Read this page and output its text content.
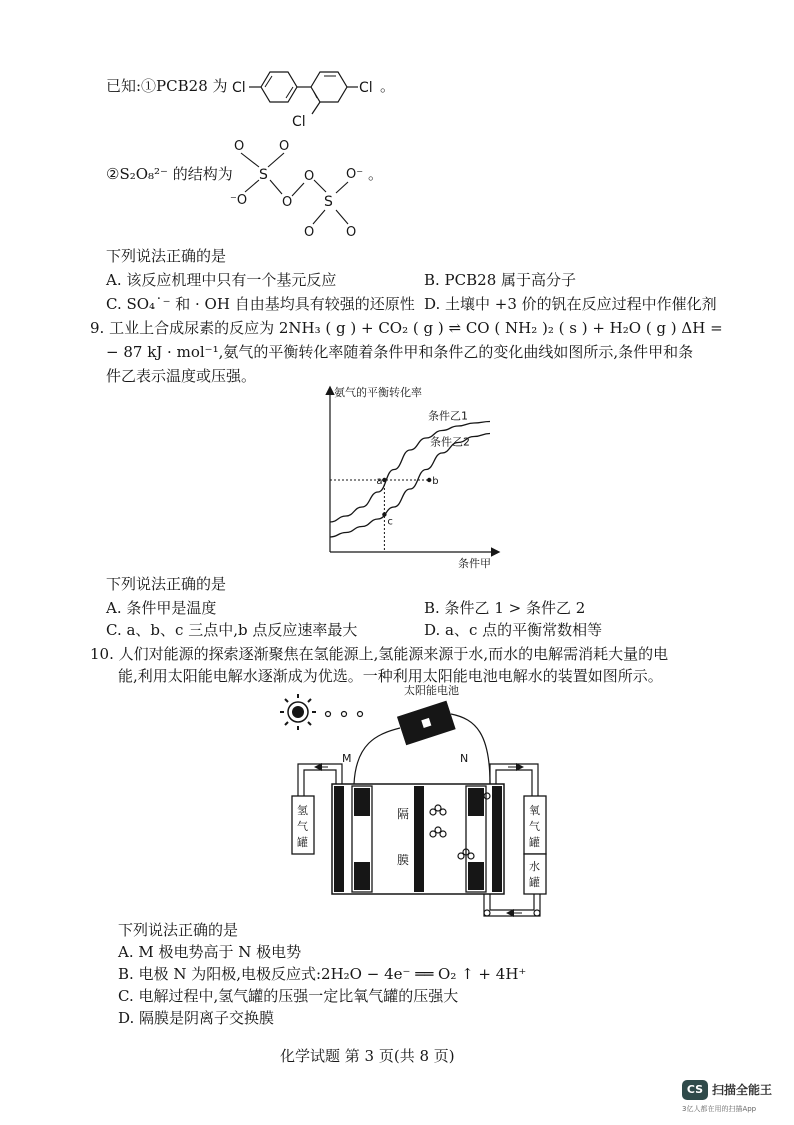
已知:①PCB28 为 Cl	Cl
Cl
。
②S₂O₈²⁻ 的结构为
O	O
S
⁻O	O
O
S
O⁻
O O
。
下列说法正确的是
A. 该反应机理中只有一个基元反应	B. PCB28 属于高分子
C. SO₄˙⁻ 和 · OH 自由基均具有较强的还原性 D. 土壤中 +3 价的钒在反应过程中作催化剂
9. 工业上合成尿素的反应为 2NH₃ ( g ) + CO₂ ( g ) ⇌ CO ( NH₂ )₂ ( s ) + H₂O ( g ) ΔH =
− 87 kJ · mol⁻¹,氨气的平衡转化率随着条件甲和条件乙的变化曲线如图所示,条件甲和条
件乙表示温度或压强。
氨气的平衡转化率
条件甲
条件乙1
条件乙2
a	b
c
下列说法正确的是
A. 条件甲是温度	B. 条件乙 1 > 条件乙 2
C. a、b、c 三点中,b 点反应速率最大	D. a、c 点的平衡常数相等
10. 人们对能源的探索逐渐聚焦在氢能源上,氢能源来源于水,而水的电解需消耗大量的电
能,利用太阳能电解水逐渐成为优选。一种利用太阳能电池电解水的装置如图所示。
太阳能电池
M	N
隔
膜
氢
气
罐
氧
气
罐
水
罐
下列说法正确的是
A. M 极电势高于 N 极电势
B. 电极 N 为阳极,电极反应式:2H₂O − 4e⁻ ══ O₂ ↑ + 4H⁺
C. 电解过程中,氢气罐的压强一定比氧气罐的压强大
D. 隔膜是阴离子交换膜
化学试题 第 3 页(共 8 页)
CS 扫描全能王
3亿人都在用的扫描App
